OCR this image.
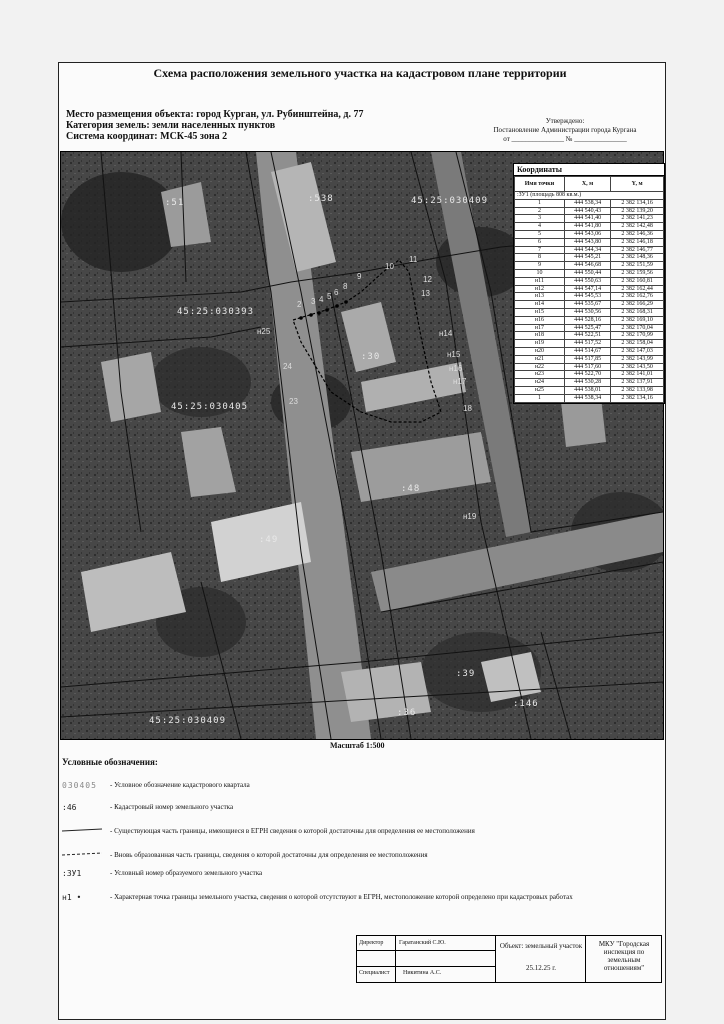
Схема расположения земельного участка на кадастровом плане территории
Место размещения объекта: город Курган, ул. Рубинштейна, д. 77
Категория земель: земли населенных пунктов
Система координат: МСК-45 зона 2
Утверждено:
Постановление Администрации города Кургана
от _______________ № _______________
:51	:538	45:25:030409
45:25:030393
45:25:030405
45:25:030409
:49
:146
:39
:36
:30
:48
2 3 4 5 6
8
9
10
11
12
13
н14
н15
н16
н17
18
н19
н25
24
23
Координаты
Имя точки	X, м	Y, м
:ЗУ1 (площадь 808 кв.м.)		
1	444 538,34	2 382 134,16
2	444 540,43	2 382 139,20
3	444 541,40	2 382 141,23
4	444 541,80	2 382 142,48
5	444 543,06	2 382 146,36
6	444 543,80	2 382 146,18
7	444 544,34	2 382 146,77
8	444 545,21	2 382 148,36
9	444 546,68	2 382 151,59
10	444 550,44	2 382 159,56
н11	444 550,63	2 382 160,81
н12	444 547,14	2 382 162,44
н13	444 545,53	2 382 162,76
н14	444 535,67	2 382 166,29
н15	444 530,56	2 382 168,31
н16	444 528,16	2 382 169,10
н17	444 525,47	2 382 170,04
н18	444 522,51	2 382 170,99
н19	444 517,52	2 382 158,04
н20	444 514,67	2 382 147,03
н21	444 517,85	2 382 143,99
н22	444 517,60	2 382 143,50
н23	444 522,70	2 382 141,01
н24	444 530,28	2 382 137,91
н25	444 538,01	2 382 133,98
1	444 538,34	2 382 134,16
Масштаб 1:500
Условные обозначения:
030405	- Условное обозначение кадастрового квартала
:46	- Кадастровый номер земельного участка
- Существующая часть границы, имеющиеся в ЕГРН сведения о которой достаточны для определения ее местоположения
- Вновь образованная часть границы, сведения о которой достаточны для определения ее местоположения
:ЗУ1	- Условный номер образуемого земельного участка
н1 •	- Характерная точка границы земельного участка, сведения о которой отсутствуют в ЕГРН, местоположение которой определено при кадастровых работах
Директор	Гаратанский С.Ю.
Специалист Никитина А.С.
Объект: земельный участок
25.12.25 г.
МКУ "Городская инспекция по земельным отношениям"
